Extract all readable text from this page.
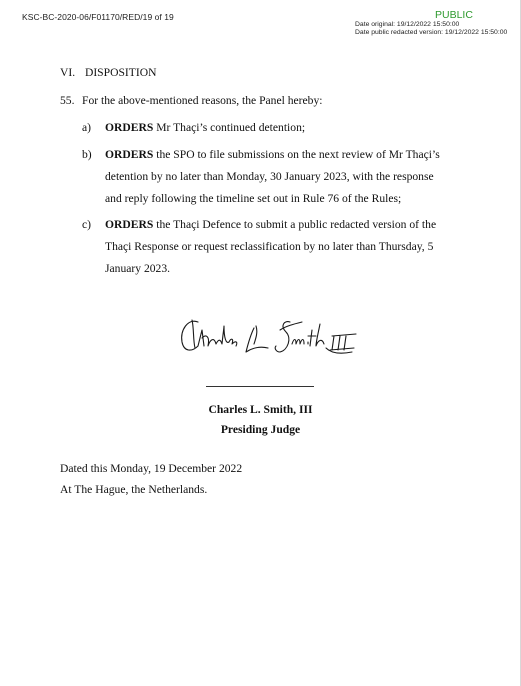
KSC-BC-2020-06/F01170/RED/19 of 19	PUBLIC
Date original: 19/12/2022 15:50:00
Date public redacted version: 19/12/2022 15:50:00
VI. DISPOSITION
55. For the above-mentioned reasons, the Panel hereby:
a) ORDERS Mr Thaçi’s continued detention;
b) ORDERS the SPO to file submissions on the next review of Mr Thaçi’s
detention by no later than Monday, 30 January 2023, with the response
and reply following the timeline set out in Rule 76 of the Rules;
c) ORDERS the Thaçi Defence to submit a public redacted version of the
Thaçi Response or request reclassification by no later than Thursday, 5
January 2023.
Charles L. Smith, III
Presiding Judge
Dated this Monday, 19 December 2022
At The Hague, the Netherlands.
